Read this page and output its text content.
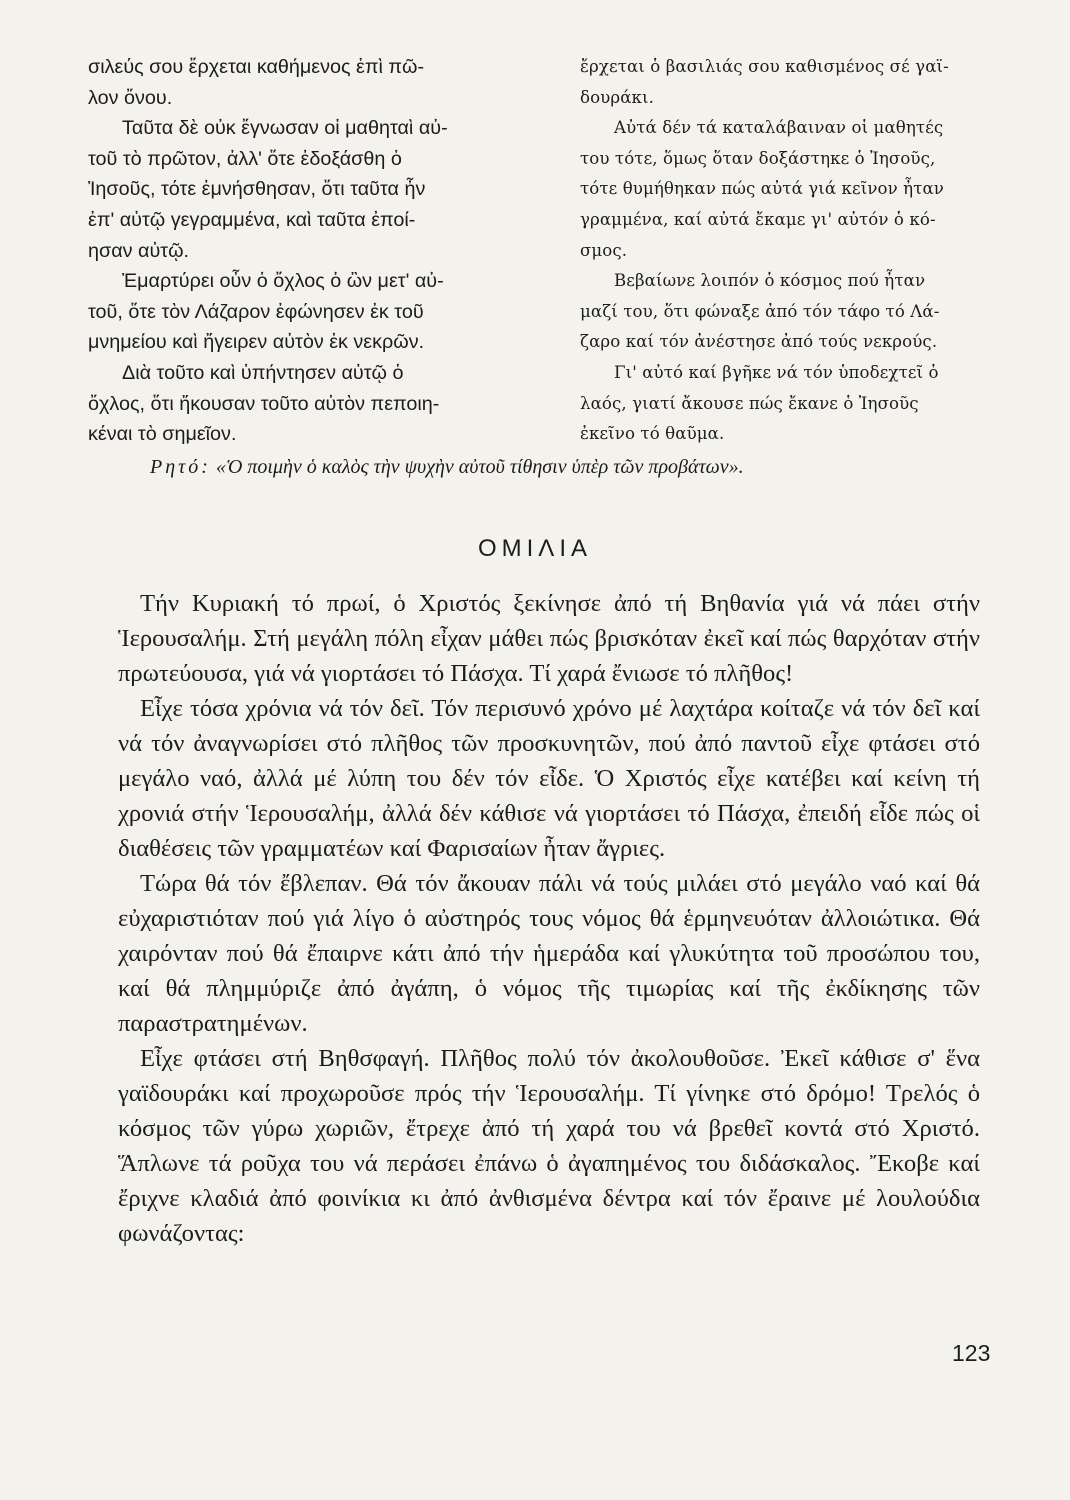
σιλεύς σου ἔρχεται καθήμενος ἐπὶ πῶ-

λον ὄνου.

Ταῦτα δὲ οὐκ ἔγνωσαν οἱ μαθηταὶ αὐ-

τοῦ τὸ πρῶτον, ἀλλ' ὅτε ἐδοξάσθη ὁ

Ἰησοῦς, τότε ἐμνήσθησαν, ὅτι ταῦτα ἦν

ἐπ' αὐτῷ γεγραμμένα, καὶ ταῦτα ἐποί-

ησαν αὐτῷ.

Ἐμαρτύρει οὖν ὁ ὄχλος ὁ ὢν μετ' αὐ-

τοῦ, ὅτε τὸν Λάζαρον ἐφώνησεν ἐκ τοῦ

μνημείου καὶ ἤγειρεν αὐτὸν ἐκ νεκρῶν.

Διὰ τοῦτο καὶ ὑπήντησεν αὐτῷ ὁ

ὄχλος, ὅτι ἤκουσαν τοῦτο αὐτὸν πεποιη-

κέναι τὸ σημεῖον.

ἔρχεται ὁ βασιλιάς σου καθισμένος σέ γαϊ-

δουράκι.

Αὐτά δέν τά καταλάβαιναν οἱ μαθητές

του τότε, ὅμως ὅταν δοξάστηκε ὁ Ἰησοῦς,

τότε θυμήθηκαν πώς αὐτά γιά κεῖνον ἦταν

γραμμένα, καί αὐτά ἔκαμε γι' αὐτόν ὁ κό-

σμος.

Βεβαίωνε λοιπόν ὁ κόσμος πού ἦταν

μαζί του, ὅτι φώναξε ἀπό τόν τάφο τό Λά-

ζαρο καί τόν ἀνέστησε ἀπό τούς νεκρούς.

Γι' αὐτό καί βγῆκε νά τόν ὑποδεχτεῖ ὁ

λαός, γιατί ἄκουσε πώς ἔκανε ὁ Ἰησοῦς

ἐκεῖνο τό θαῦμα.

Ρητό: «Ὁ ποιμὴν ὁ καλὸς τὴν ψυχὴν αὐτοῦ τίθησιν ὑπὲρ τῶν προβάτων».
ΟΜΙΛΙΑ

Τήν Κυριακή τό πρωί, ὁ Χριστός ξεκίνησε ἀπό τή Βηθανία γιά νά πάει στήν Ἱερουσαλήμ. Στή μεγάλη πόλη εἶχαν μάθει πώς βρισκόταν ἐκεῖ καί πώς θαρχόταν στήν πρωτεύουσα, γιά νά γιορτάσει τό Πάσχα. Τί χαρά ἔνιωσε τό πλῆθος!

Εἶχε τόσα χρόνια νά τόν δεῖ. Τόν περισυνό χρόνο μέ λαχτάρα κοίταζε νά τόν δεῖ καί νά τόν ἀναγνωρίσει στό πλῆθος τῶν προσκυνητῶν, πού ἀπό παντοῦ εἶχε φτάσει στό μεγάλο ναό, ἀλλά μέ λύπη του δέν τόν εἶδε. Ὁ Χριστός εἶχε κατέβει καί κείνη τή χρονιά στήν Ἱερουσαλήμ, ἀλλά δέν κάθισε νά γιορτάσει τό Πάσχα, ἐπειδή εἶδε πώς οἱ διαθέσεις τῶν γραμματέων καί Φαρισαίων ἦταν ἄγριες.

Τώρα θά τόν ἔβλεπαν. Θά τόν ἄκουαν πάλι νά τούς μιλάει στό μεγάλο ναό καί θά εὐχαριστιόταν πού γιά λίγο ὁ αὐστηρός τους νόμος θά ἑρμηνευόταν ἀλλοιώτικα. Θά χαιρόνταν πού θά ἔπαιρνε κάτι ἀπό τήν ἡμεράδα καί γλυκύτητα τοῦ προσώπου του, καί θά πλημμύριζε ἀπό ἀγάπη, ὁ νόμος τῆς τιμωρίας καί τῆς ἐκδίκησης τῶν παραστρατημένων.

Εἶχε φτάσει στή Βηθσφαγή. Πλῆθος πολύ τόν ἀκολουθοῦσε. Ἐκεῖ κάθισε σ' ἕνα γαϊδουράκι καί προχωροῦσε πρός τήν Ἱερουσαλήμ. Τί γίνηκε στό δρόμο! Τρελός ὁ κόσμος τῶν γύρω χωριῶν, ἔτρεχε ἀπό τή χαρά του νά βρεθεῖ κοντά στό Χριστό. Ἅπλωνε τά ροῦχα του νά περάσει ἐπάνω ὁ ἀγαπημένος του διδάσκαλος. Ἔκοβε καί ἔριχνε κλαδιά ἀπό φοινίκια κι ἀπό ἀνθισμένα δέντρα καί τόν ἔραινε μέ λουλούδια φωνάζοντας:

123
